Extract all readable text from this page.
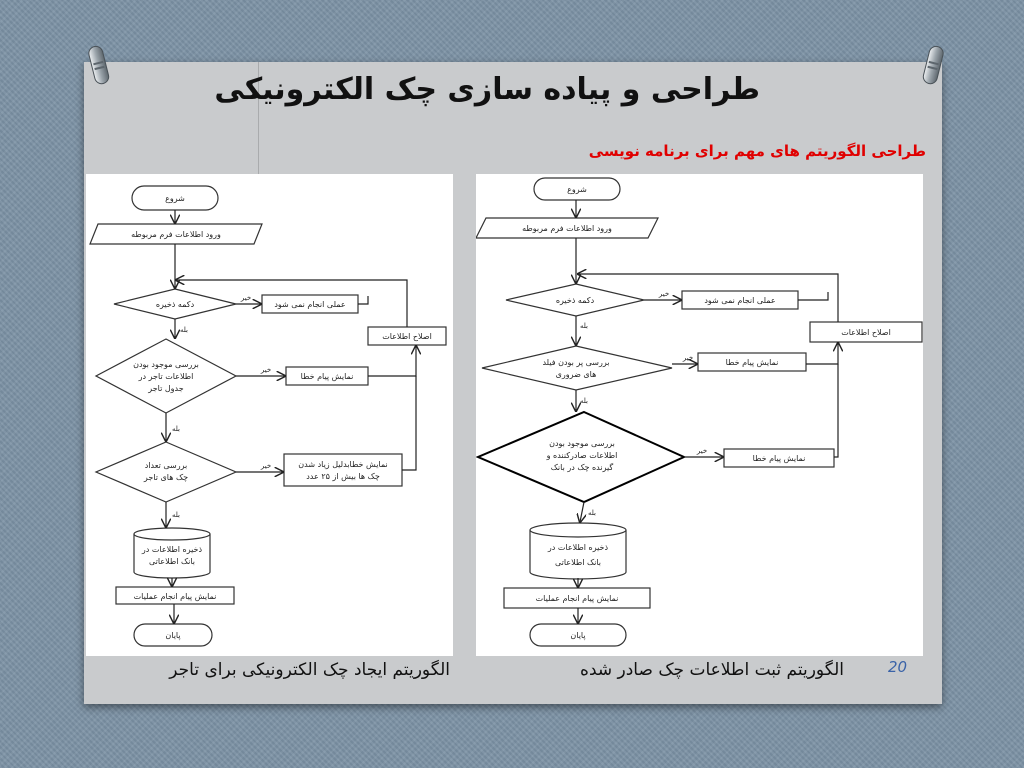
طراحی و پیاده سازی چک الکترونیکی
طراحی الگوریتم های مهم برای برنامه نویسی
شروع
ورود اطلاعات فرم مربوطه
دکمه ذخیره	عملی انجام نمی شود
اصلاح اطلاعات
بررسی موجود بودن
اطلاعات تاجر در
جدول تاجر
نمایش پیام خطا
بررسی تعداد
چک های تاجر
نمایش خطابدلیل زیاد شدن
چک ها بیش از ۲۵ عدد
ذخیره اطلاعات در
بانک اطلاعاتی
نمایش پیام انجام عملیات
پایان
خیر
بله
خیر
بله
خیر
بله
شروع
ورود اطلاعات فرم مربوطه
دکمه ذخیره	عملی انجام نمی شود
اصلاح اطلاعات
بررسی پر بودن فیلد
های ضروری
نمایش پیام خطا
بررسی موجود بودن
اطلاعات صادرکننده و
گیرنده چک در بانک
نمایش پیام خطا
ذخیره اطلاعات در
بانک اطلاعاتی
نمایش پیام انجام عملیات
پایان
خیر
بله
خیر
بله
خیر
بله
20
الگوریتم ایجاد چک الکترونیکی برای تاجر	الگوریتم ثبت اطلاعات چک صادر شده
